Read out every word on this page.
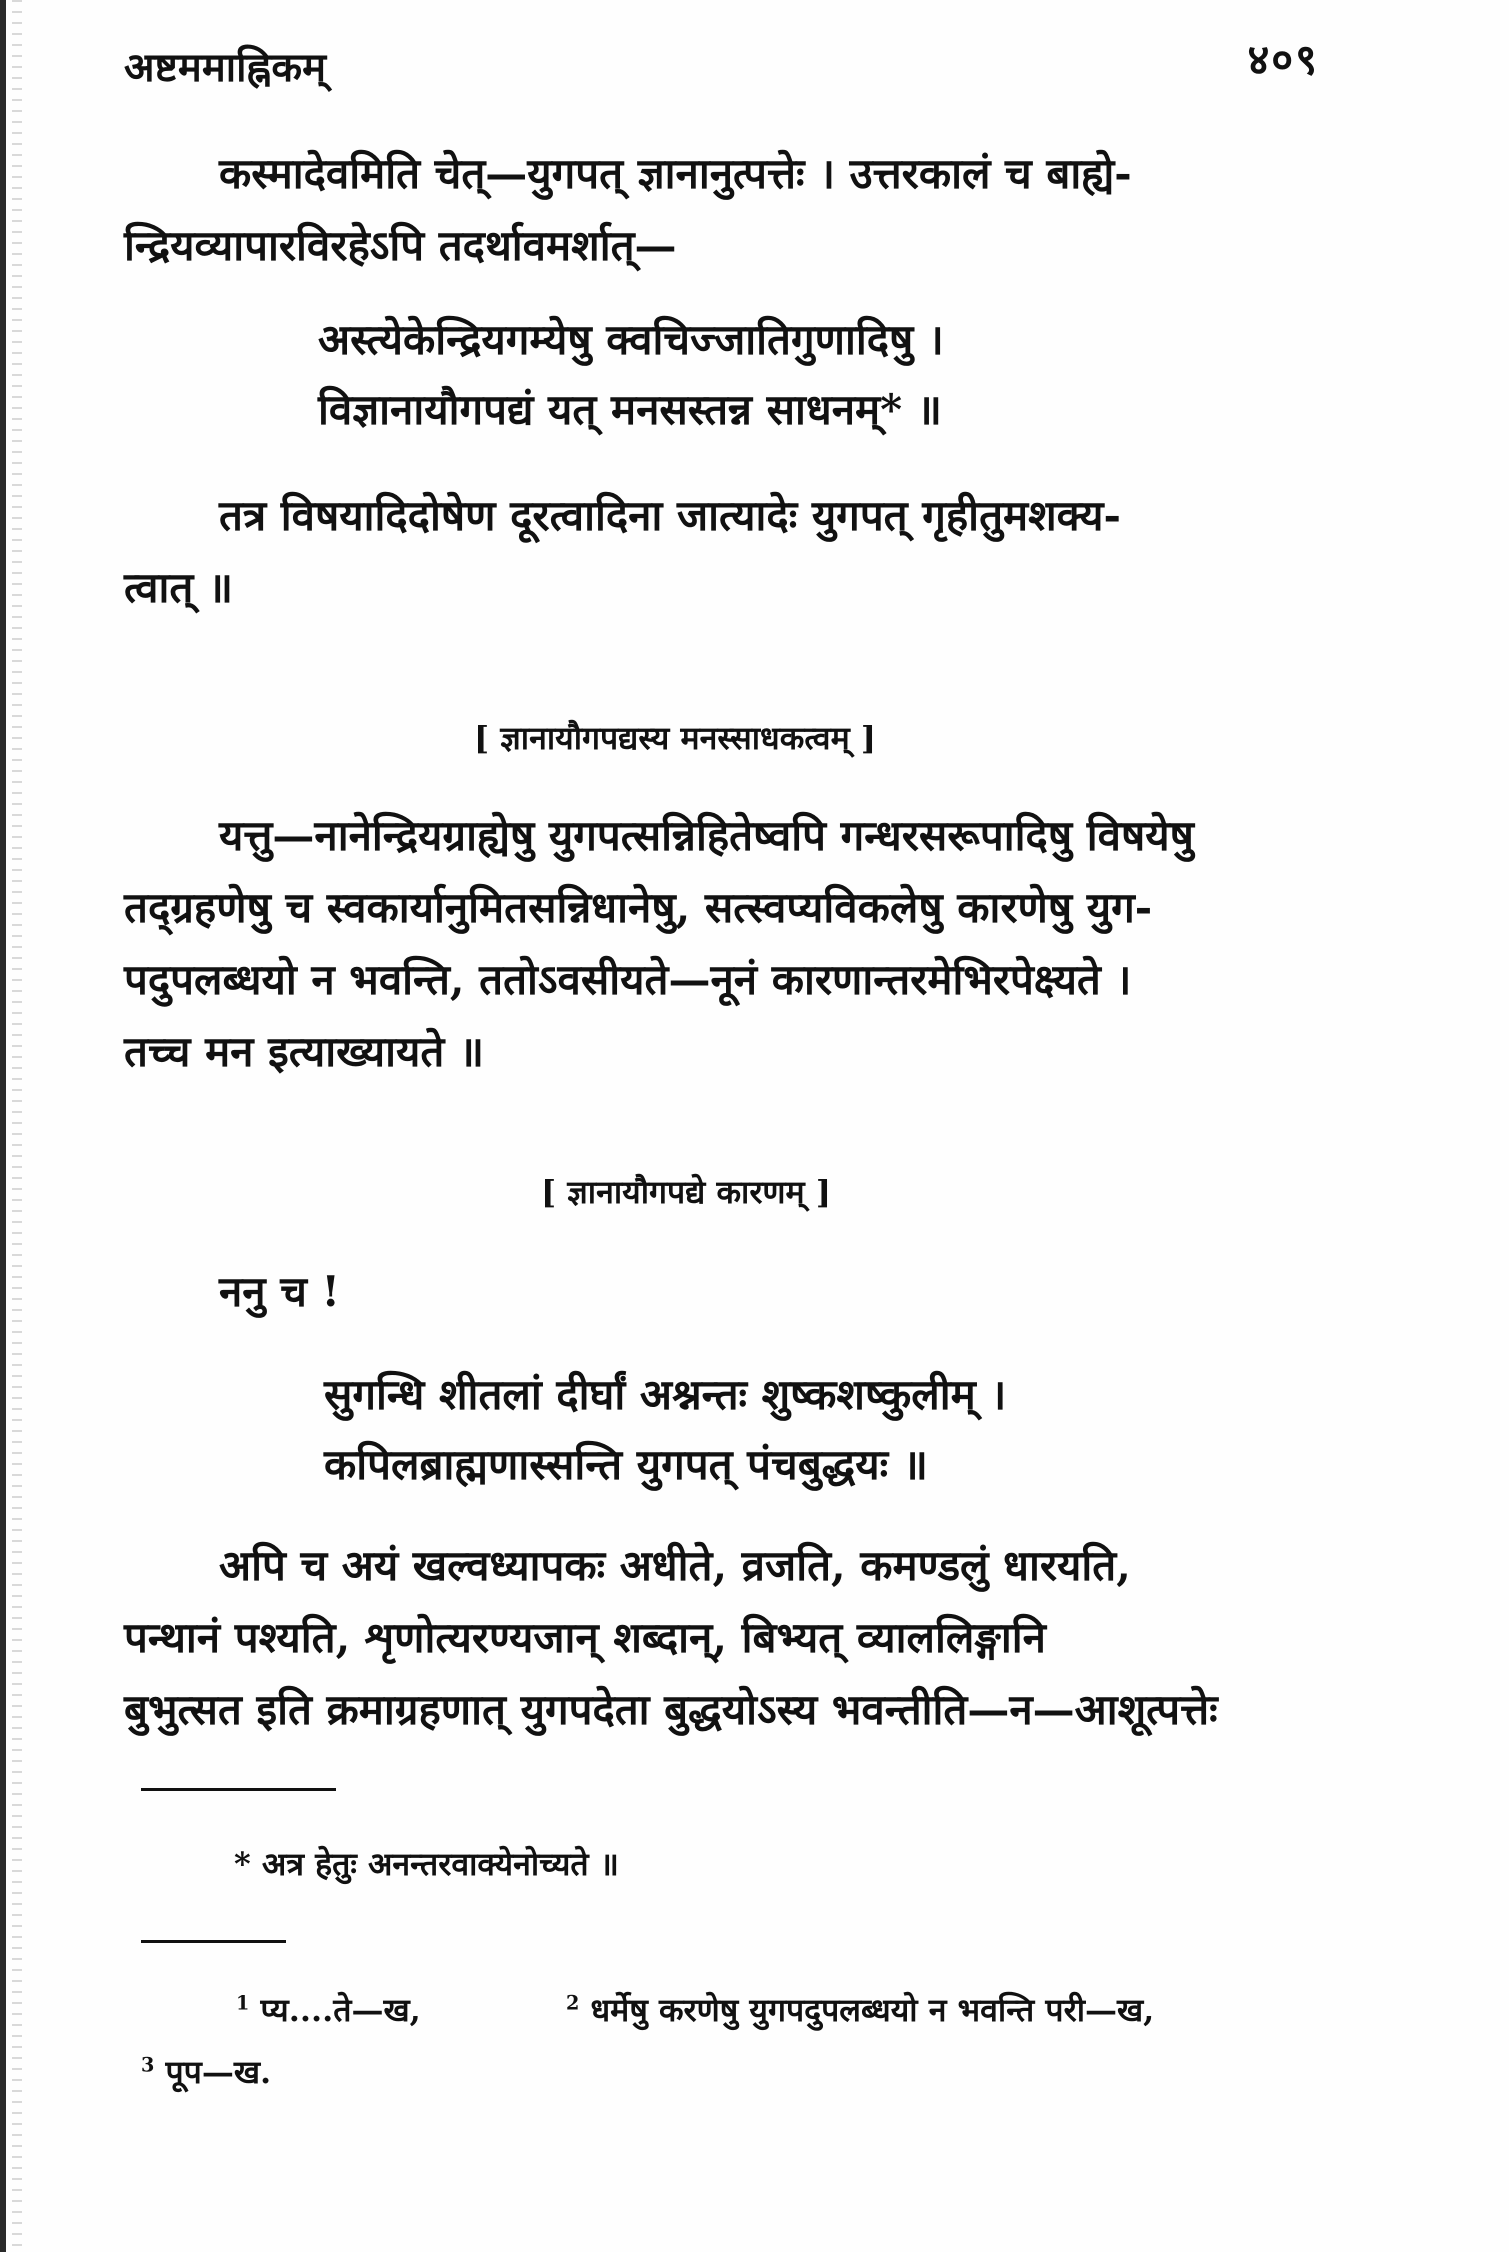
अष्टममाह्निकम्	४०९
कस्मादेवमिति चेत्—युगपत् ज्ञानानुत्पत्तेः । उत्तरकालं च बाह्ये-
न्द्रियव्यापारविरहेऽपि तदर्थावमर्शात्—
अस्त्येकेन्द्रियगम्येषु क्वचिज्जातिगुणादिषु ।
विज्ञानायौगपद्यं यत् मनसस्तन्न साधनम्* ॥
तत्र विषयादिदोषेण दूरत्वादिना जात्यादेः युगपत् गृहीतुमशक्य-
त्वात् ॥
[ ज्ञानायौगपद्यस्य मनस्साधकत्वम् ]
यत्तु—नानेन्द्रियग्राह्येषु युगपत्सन्निहितेष्वपि गन्धरसरूपादिषु विषयेषु
तद्ग्रहणेषु च स्वकार्यानुमितसन्निधानेषु, सत्स्वप्यविकलेषु कारणेषु युग-
पदुपलब्धयो न भवन्ति, ततोऽवसीयते—नूनं कारणान्तरमेभिरपेक्ष्यते ।
तच्च मन इत्याख्यायते ॥
[ ज्ञानायौगपद्ये कारणम् ]
ननु च !
सुगन्धि शीतलां दीर्घां अश्नन्तः शुष्कशष्कुलीम् ।
कपिलब्राह्मणास्सन्ति युगपत् पंचबुद्धयः ॥
अपि च अयं खल्वध्यापकः अधीते, व्रजति, कमण्डलुं धारयति,
पन्थानं पश्यति, शृणोत्यरण्यजान् शब्दान्, बिभ्यत् व्याललिङ्गानि
बुभुत्सत इति क्रमाग्रहणात् युगपदेता बुद्धयोऽस्य भवन्तीति—न—आशूत्पत्तेः
* अत्र हेतुः अनन्तरवाक्येनोच्यते ॥
$^1$ प्य....ते—ख,	$^2$ धर्मेषु करणेषु युगपदुपलब्धयो न भवन्ति परी—ख,
$^3$ पूप—ख.
